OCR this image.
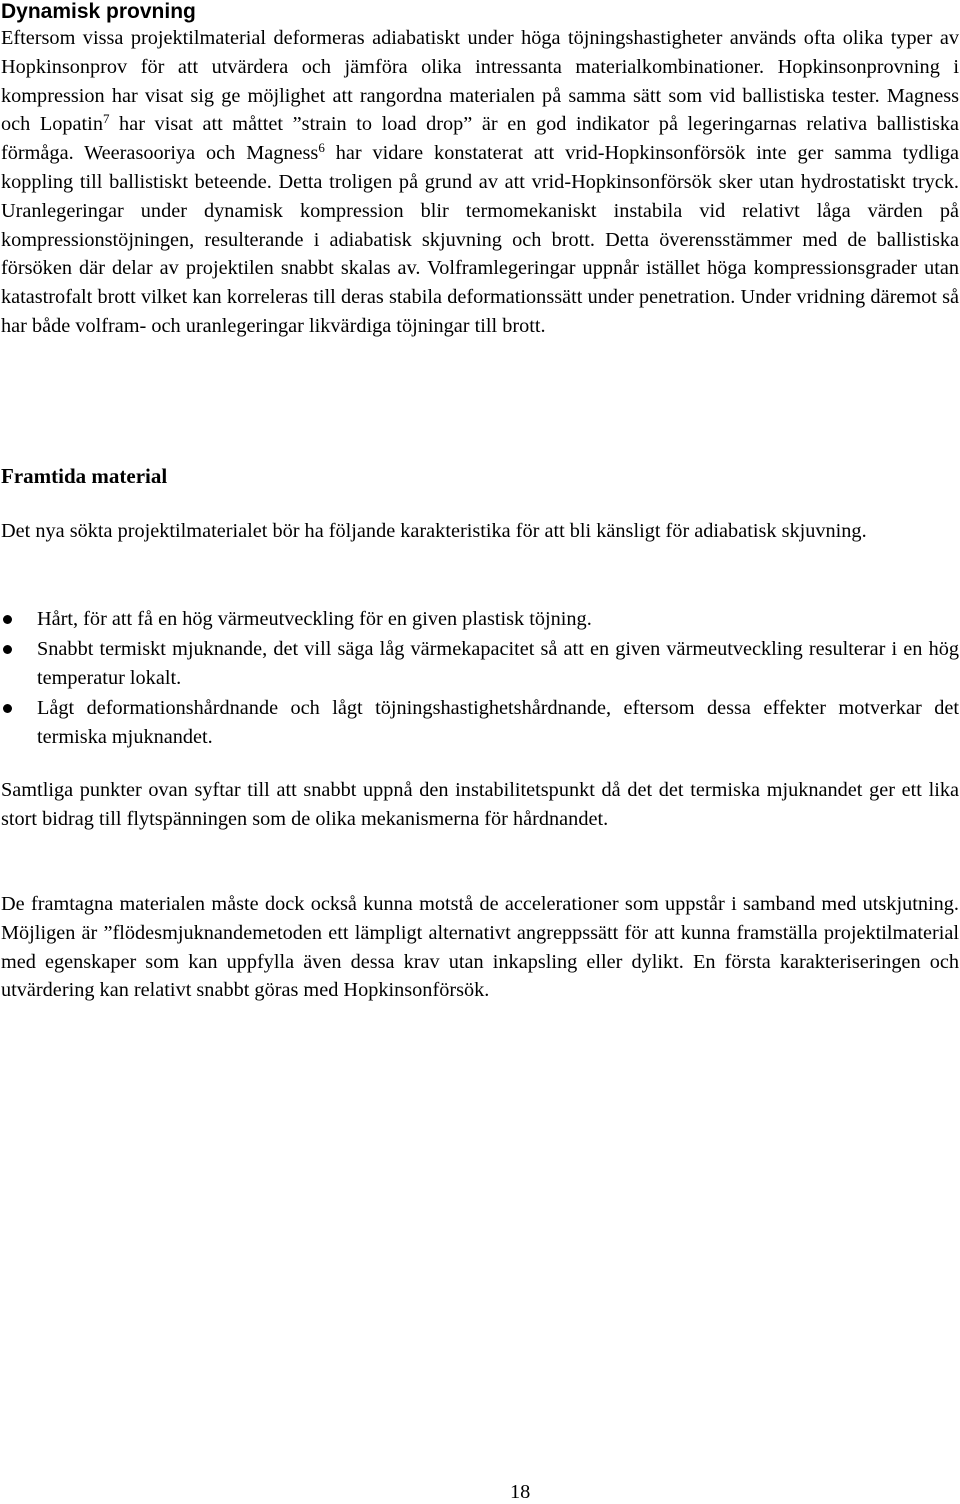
Dynamisk provning

Eftersom vissa projektilmaterial deformeras adiabatiskt under höga töjningshastigheter används ofta olika typer av Hopkinsonprov för att utvärdera och jämföra olika intressanta materialkombinationer. Hopkinsonprovning i kompression har visat sig ge möjlighet att rangordna materialen på samma sätt som vid ballistiska tester. Magness och Lopatin$^7$ har visat att måttet ”strain to load drop” är en god indikator på legeringarnas relativa ballistiska förmåga. Weerasooriya och Magness$^6$ har vidare konstaterat att vrid-Hopkinsonförsök inte ger samma tydliga koppling till ballistiskt beteende. Detta troligen på grund av att vrid-Hopkinsonförsök sker utan hydrostatiskt tryck. Uranlegeringar under dynamisk kompression blir termomekaniskt instabila vid relativt låga värden på kompressionstöjningen, resulterande i adiabatisk skjuvning och brott. Detta överensstämmer med de ballistiska försöken där delar av projektilen snabbt skalas av. Volframlegeringar uppnår istället höga kompressionsgrader utan katastrofalt brott vilket kan korreleras till deras stabila deformationssätt under penetration. Under vridning däremot så har både volfram- och uranlegeringar likvärdiga töjningar till brott.

Framtida material

Det nya sökta projektilmaterialet bör ha följande karakteristika för att bli känsligt för adiabatisk skjuvning.

Hårt, för att få en hög värmeutveckling för en given plastisk töjning.
Snabbt termiskt mjuknande, det vill säga låg värmekapacitet så att en given värmeutveckling resulterar i en hög temperatur lokalt.
Lågt deformationshårdnande och lågt töjningshastighetshårdnande, eftersom dessa effekter motverkar det termiska mjuknandet.

Samtliga punkter ovan syftar till att snabbt uppnå den instabilitetspunkt då det det termiska mjuknandet ger ett lika stort bidrag till flytspänningen som de olika mekanismerna för hårdnandet.

De framtagna materialen måste dock också kunna motstå de accelerationer som uppstår i samband med utskjutning. Möjligen är ”flödesmjuknandemetoden ett lämpligt alternativt angreppssätt för att kunna framställa projektilmaterial med egenskaper som kan uppfylla även dessa krav utan inkapsling eller dylikt. En första karakteriseringen och utvärdering kan relativt snabbt göras med Hopkinsonförsök.

18
